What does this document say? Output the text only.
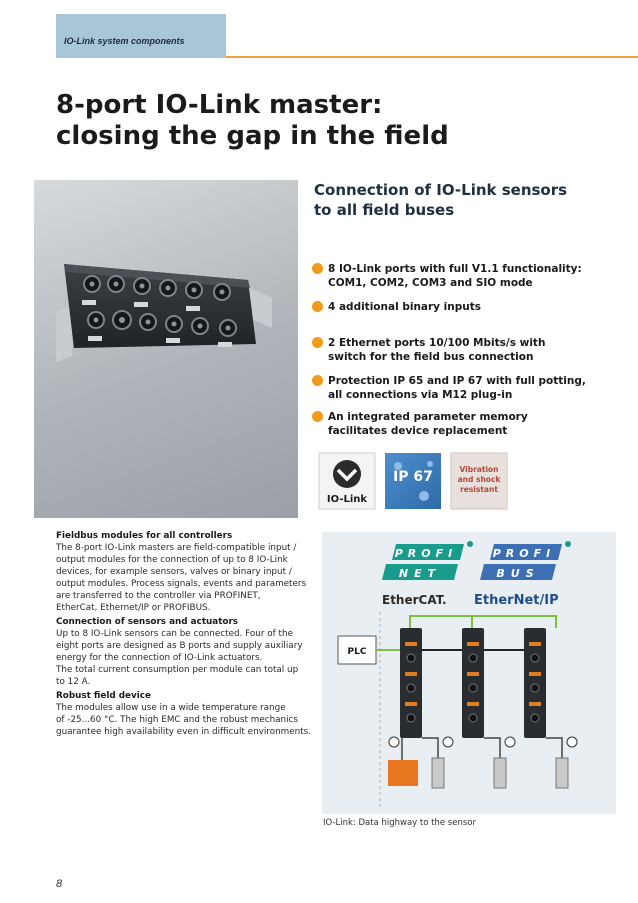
IO-Link system components
8-port IO-Link master:
closing the gap in the field
Connection of IO-Link sensors
to all field buses
8 IO-Link ports with full V1.1 functionality:
COM1, COM2, COM3 and SIO mode
4 additional binary inputs
2 Ethernet ports 10/100 Mbits/s with
switch for the field bus connection
Protection IP 65 and IP 67 with full potting,
all connections via M12 plug-in
An integrated parameter memory
facilitates device replacement
IO-Link
IP 67	Vibration
and shock
resistant
Fieldbus modules for all controllers
The 8-port IO-Link masters are field-compatible input /
output modules for the connection of up to 8 IO-Link
devices, for example sensors, valves or binary input /
output modules. Process signals, events and parameters
are transferred to the controller via PROFINET,
EtherCat, Ethernet/IP or PROFIBUS.
Connection of sensors and actuators
Up to 8 IO-Link sensors can be connected. Four of the
eight ports are designed as B ports and supply auxiliary
energy for the connection of IO-Link actuators.
The total current consumption per module can total up
to 12 A.
Robust field device
The modules allow use in a wide temperature range
of -25...60 °C. The high EMC and the robust mechanics
guarantee high availability even in difficult environments.
PROFI
NET
PROFI
BUS
EtherCAT. EtherNet/IP
PLC
IO-Link: Data highway to the sensor
8
